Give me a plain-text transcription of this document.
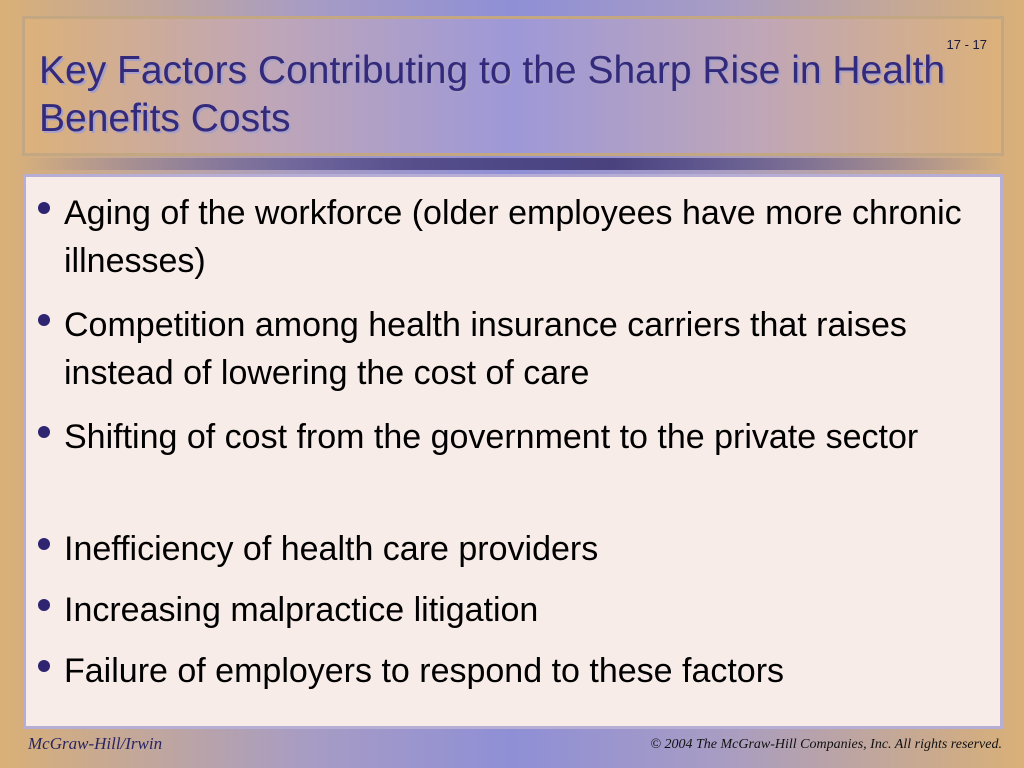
17 - 17
Key Factors Contributing to the Sharp Rise in Health Benefits Costs
Aging of the workforce (older employees have more chronic illnesses)
Competition among health insurance carriers that raises instead of lowering the cost of care
Shifting of cost from the government to the private sector
Inefficiency of health care providers
Increasing malpractice litigation
Failure of employers to respond to these factors
McGraw-Hill/Irwin	© 2004 The McGraw-Hill Companies, Inc. All rights reserved.
